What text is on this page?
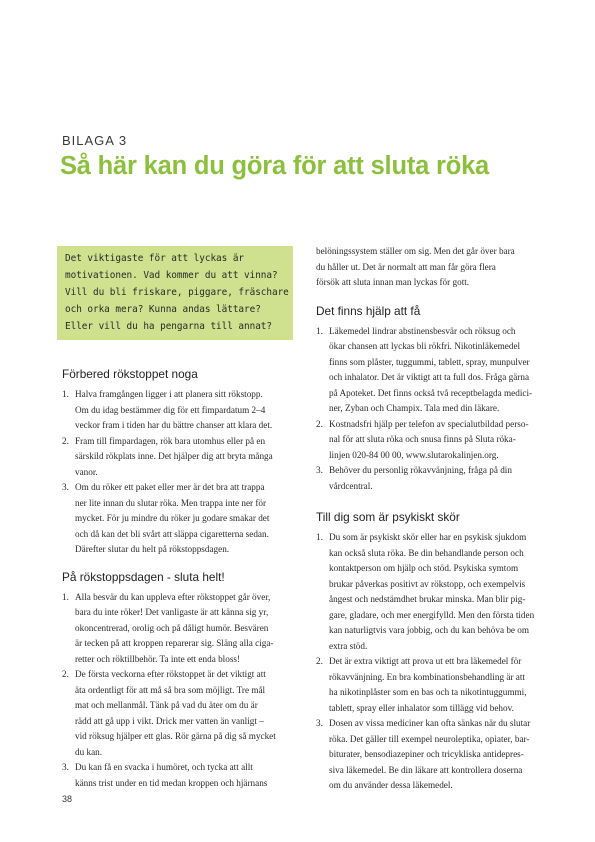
BILAGA 3
Så här kan du göra för att sluta röka
Det viktigaste för att lyckas är
motivationen. Vad kommer du att vinna?
Vill du bli friskare, piggare, fräschare
och orka mera? Kunna andas lättare?
Eller vill du ha pengarna till annat?
Förbered rökstoppet noga
1. Halva framgången ligger i att planera sitt rökstopp.
Om du idag bestämmer dig för ett fimpardatum 2–4
veckor fram i tiden har du bättre chanser att klara det.
2. Fram till fimpardagen, rök bara utomhus eller på en
särskild rökplats inne. Det hjälper dig att bryta många
vanor.
3. Om du röker ett paket eller mer är det bra att trappa
ner lite innan du slutar röka. Men trappa inte ner för
mycket. För ju mindre du röker ju godare smakar det
och då kan det bli svårt att släppa cigaretterna sedan.
Därefter slutar du helt på rökstoppsdagen.
På rökstoppsdagen - sluta helt!
1. Alla besvär du kan uppleva efter rökstoppet går över,
bara du inte röker! Det vanligaste är att känna sig yr,
okoncentrerad, orolig och på dåligt humör. Besvären
är tecken på att kroppen reparerar sig. Släng alla ciga-
retter och röktillbehör. Ta inte ett enda bloss!
2. De första veckorna efter rökstoppet är det viktigt att
äta ordentligt för att må så bra som möjligt. Tre mål
mat och mellanmål. Tänk på vad du äter om du är
rädd att gå upp i vikt. Drick mer vatten än vanligt –
vid röksug hjälper ett glas. Rör gärna på dig så mycket
du kan.
3. Du kan få en svacka i humöret, och tycka att allt
känns trist under en tid medan kroppen och hjärnans
belöningssystem ställer om sig. Men det går över bara
du håller ut. Det är normalt att man får göra flera
försök att sluta innan man lyckas för gott.
Det finns hjälp att få
1. Läkemedel lindrar abstinensbesvär och röksug och
ökar chansen att lyckas bli rökfri. Nikotinläkemedel
finns som plåster, tuggummi, tablett, spray, munpulver
och inhalator. Det är viktigt att ta full dos. Fråga gärna
på Apoteket. Det finns också två receptbelagda medici-
ner, Zyban och Champix. Tala med din läkare.
2. Kostnadsfri hjälp per telefon av specialutbildad perso-
nal för att sluta röka och snusa finns på Sluta röka-
linjen 020-84 00 00, www.slutarokalinjen.org.
3. Behöver du personlig rökavvänjning, fråga på din
vårdcentral.
Till dig som är psykiskt skör
1. Du som är psykiskt skör eller har en psykisk sjukdom
kan också sluta röka. Be din behandlande person och
kontaktperson om hjälp och stöd. Psykiska symtom
brukar påverkas positivt av rökstopp, och exempelvis
ångest och nedstämdhet brukar minska. Man blir pig-
gare, gladare, och mer energifylld. Men den första tiden
kan naturligtvis vara jobbig, och du kan behöva be om
extra stöd.
2. Det är extra viktigt att prova ut ett bra läkemedel för
rökavvänjning. En bra kombinationsbehandling är att
ha nikotinplåster som en bas och ta nikotintuggummi,
tablett, spray eller inhalator som tillägg vid behov.
3. Dosen av vissa mediciner kan ofta sänkas när du slutar
röka. Det gäller till exempel neuroleptika, opiater, bar-
biturater, bensodiazepiner och tricykliska antidepres-
siva läkemedel. Be din läkare att kontrollera doserna
om du använder dessa läkemedel.
38
